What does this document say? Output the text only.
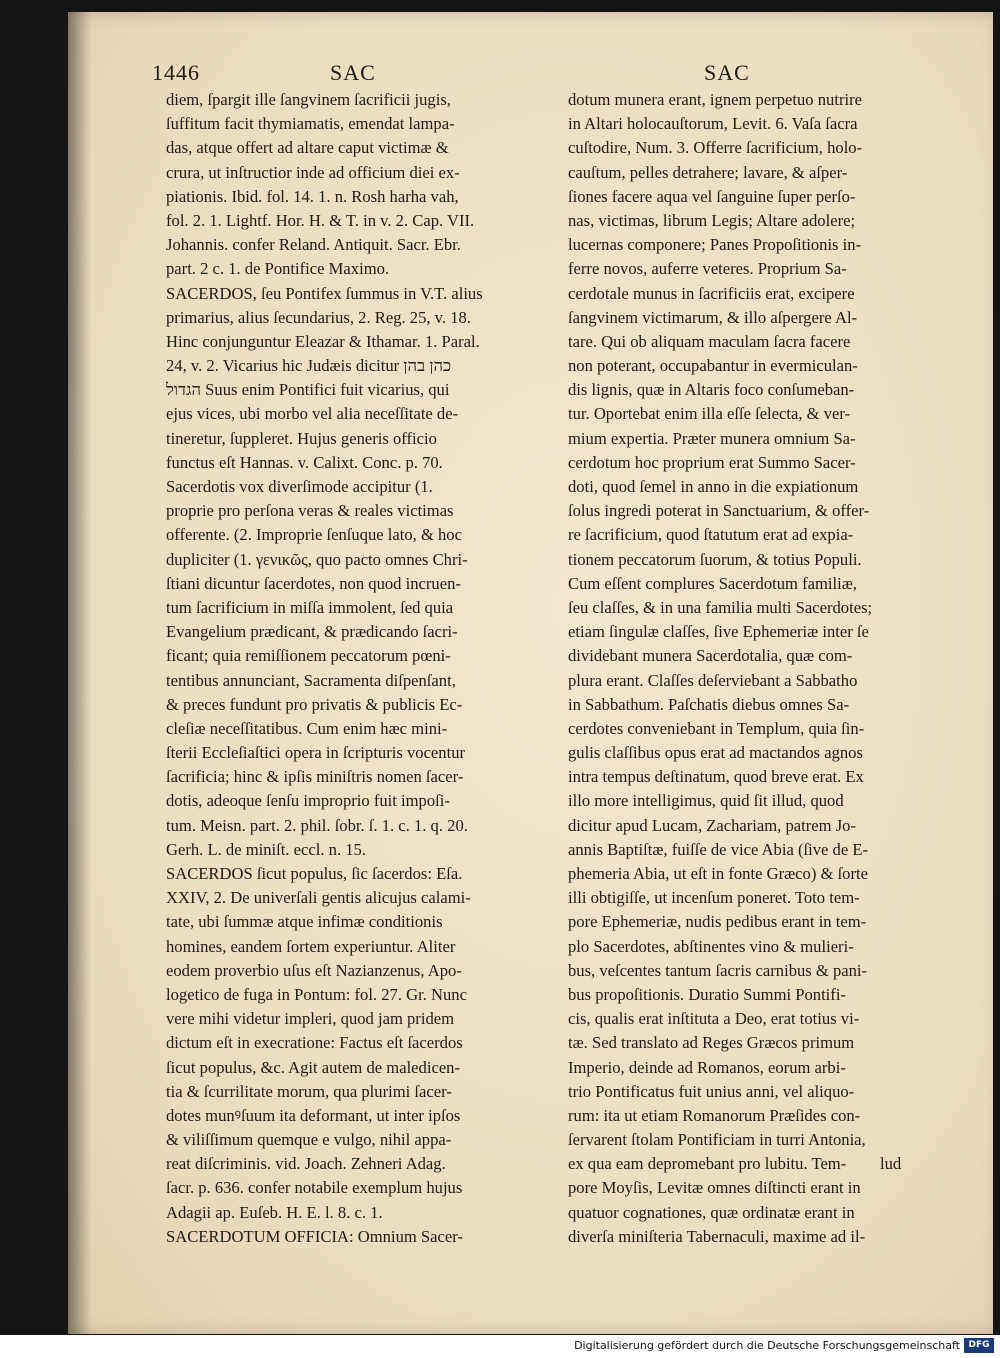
1446	SAC	SAC
diem, ſpargit ille ſangvinem ſacrificii jugis,
ſuffitum facit thymiamatis, emendat lampa-
das, atque offert ad altare caput victimæ &
crura, ut inſtructior inde ad officium diei ex-
piationis. Ibid. fol. 14. 1. n. Rosh harha vah,
fol. 2. 1. Lightf. Hor. H. & T. in v. 2. Cap. VII.
Johannis. confer Reland. Antiquit. Sacr. Ebr.
part. 2 c. 1. de Pontifice Maximo.
SACERDOS, ſeu Pontifex ſummus in V.T. alius
primarius, alius ſecundarius, 2. Reg. 25, v. 18.
Hinc conjunguntur Eleazar & Ithamar. 1. Paral.
24, v. 2. Vicarius hic Judæis dicitur כהן בהן
הגדול Suus enim Pontifici fuit vicarius, qui
ejus vices, ubi morbo vel alia neceſſitate de-
tineretur, ſuppleret. Hujus generis officio
functus eſt Hannas. v. Calixt. Conc. p. 70.
Sacerdotis vox diverſimode accipitur (1.
proprie pro perſona veras & reales victimas
offerente. (2. Improprie ſenſuque lato, & hoc
dupliciter (1. γενικῶς, quo pacto omnes Chri-
ſtiani dicuntur ſacerdotes, non quod incruen-
tum ſacrificium in miſſa immolent, ſed quia
Evangelium prædicant, & prædicando ſacri-
ficant; quia remiſſionem peccatorum pœni-
tentibus annunciant, Sacramenta diſpenſant,
& preces fundunt pro privatis & publicis Ec-
cleſiæ neceſſitatibus. Cum enim hæc mini-
ſterii Eccleſiaſtici opera in ſcripturis vocentur
ſacrificia; hinc & ipſis miniſtris nomen ſacer-
dotis, adeoque ſenſu improprio fuit impoſi-
tum. Meisn. part. 2. phil. ſobr. ſ. 1. c. 1. q. 20.
Gerh. L. de miniſt. eccl. n. 15.
SACERDOS ſicut populus, ſic ſacerdos: Eſa.
XXIV, 2. De univerſali gentis alicujus calami-
tate, ubi ſummæ atque infimæ conditionis
homines, eandem ſortem experiuntur. Aliter
eodem proverbio uſus eſt Nazianzenus, Apo-
logetico de fuga in Pontum: fol. 27. Gr. Nunc
vere mihi videtur impleri, quod jam pridem
dictum eſt in execratione: Factus eſt ſacerdos
ſicut populus, &c. Agit autem de maledicen-
tia & ſcurrilitate morum, qua plurimi ſacer-
dotes munꝰſuum ita deformant, ut inter ipſos
& viliſſimum quemque e vulgo, nihil appa-
reat diſcriminis. vid. Joach. Zehneri Adag.
ſacr. p. 636. confer notabile exemplum hujus
Adagii ap. Euſeb. H. E. l. 8. c. 1.
SACERDOTUM OFFICIA: Omnium Sacer-
dotum munera erant, ignem perpetuo nutrire
in Altari holocauſtorum, Levit. 6. Vaſa ſacra
cuſtodire, Num. 3. Offerre ſacrificium, holo-
cauſtum, pelles detrahere; lavare, & aſper-
ſiones facere aqua vel ſanguine ſuper perſo-
nas, victimas, librum Legis; Altare adolere;
lucernas componere; Panes Propoſitionis in-
ferre novos, auferre veteres. Proprium Sa-
cerdotale munus in ſacrificiis erat, excipere
ſangvinem victimarum, & illo aſpergere Al-
tare. Qui ob aliquam maculam ſacra facere
non poterant, occupabantur in evermiculan-
dis lignis, quæ in Altaris foco conſumeban-
tur. Oportebat enim illa eſſe ſelecta, & ver-
mium expertia. Præter munera omnium Sa-
cerdotum hoc proprium erat Summo Sacer-
doti, quod ſemel in anno in die expiationum
ſolus ingredi poterat in Sanctuarium, & offer-
re ſacrificium, quod ſtatutum erat ad expia-
tionem peccatorum ſuorum, & totius Populi.
Cum eſſent complures Sacerdotum familiæ,
ſeu claſſes, & in una familia multi Sacerdotes;
etiam ſingulæ claſſes, ſive Ephemeriæ inter ſe
dividebant munera Sacerdotalia, quæ com-
plura erant. Claſſes deſerviebant a Sabbatho
in Sabbathum. Paſchatis diebus omnes Sa-
cerdotes conveniebant in Templum, quia ſin-
gulis claſſibus opus erat ad mactandos agnos
intra tempus deſtinatum, quod breve erat. Ex
illo more intelligimus, quid ſit illud, quod
dicitur apud Lucam, Zachariam, patrem Jo-
annis Baptiſtæ, fuiſſe de vice Abia (ſive de E-
phemeria Abia, ut eſt in fonte Græco) & ſorte
illi obtigiſſe, ut incenſum poneret. Toto tem-
pore Ephemeriæ, nudis pedibus erant in tem-
plo Sacerdotes, abſtinentes vino & mulieri-
bus, veſcentes tantum ſacris carnibus & pani-
bus propoſitionis. Duratio Summi Pontifi-
cis, qualis erat inſtituta a Deo, erat totius vi-
tæ. Sed translato ad Reges Græcos primum
Imperio, deinde ad Romanos, eorum arbi-
trio Pontificatus fuit unius anni, vel aliquo-
rum: ita ut etiam Romanorum Præſides con-
ſervarent ſtolam Pontificiam in turri Antonia,
ex qua eam depromebant pro lubitu. Tem-
pore Moyſis, Levitæ omnes diſtincti erant in
quatuor cognationes, quæ ordinatæ erant in
diverſa miniſteria Tabernaculi, maxime ad il-
lud
Digitalisierung gefördert durch die Deutsche Forschungsgemeinschaft DFG
